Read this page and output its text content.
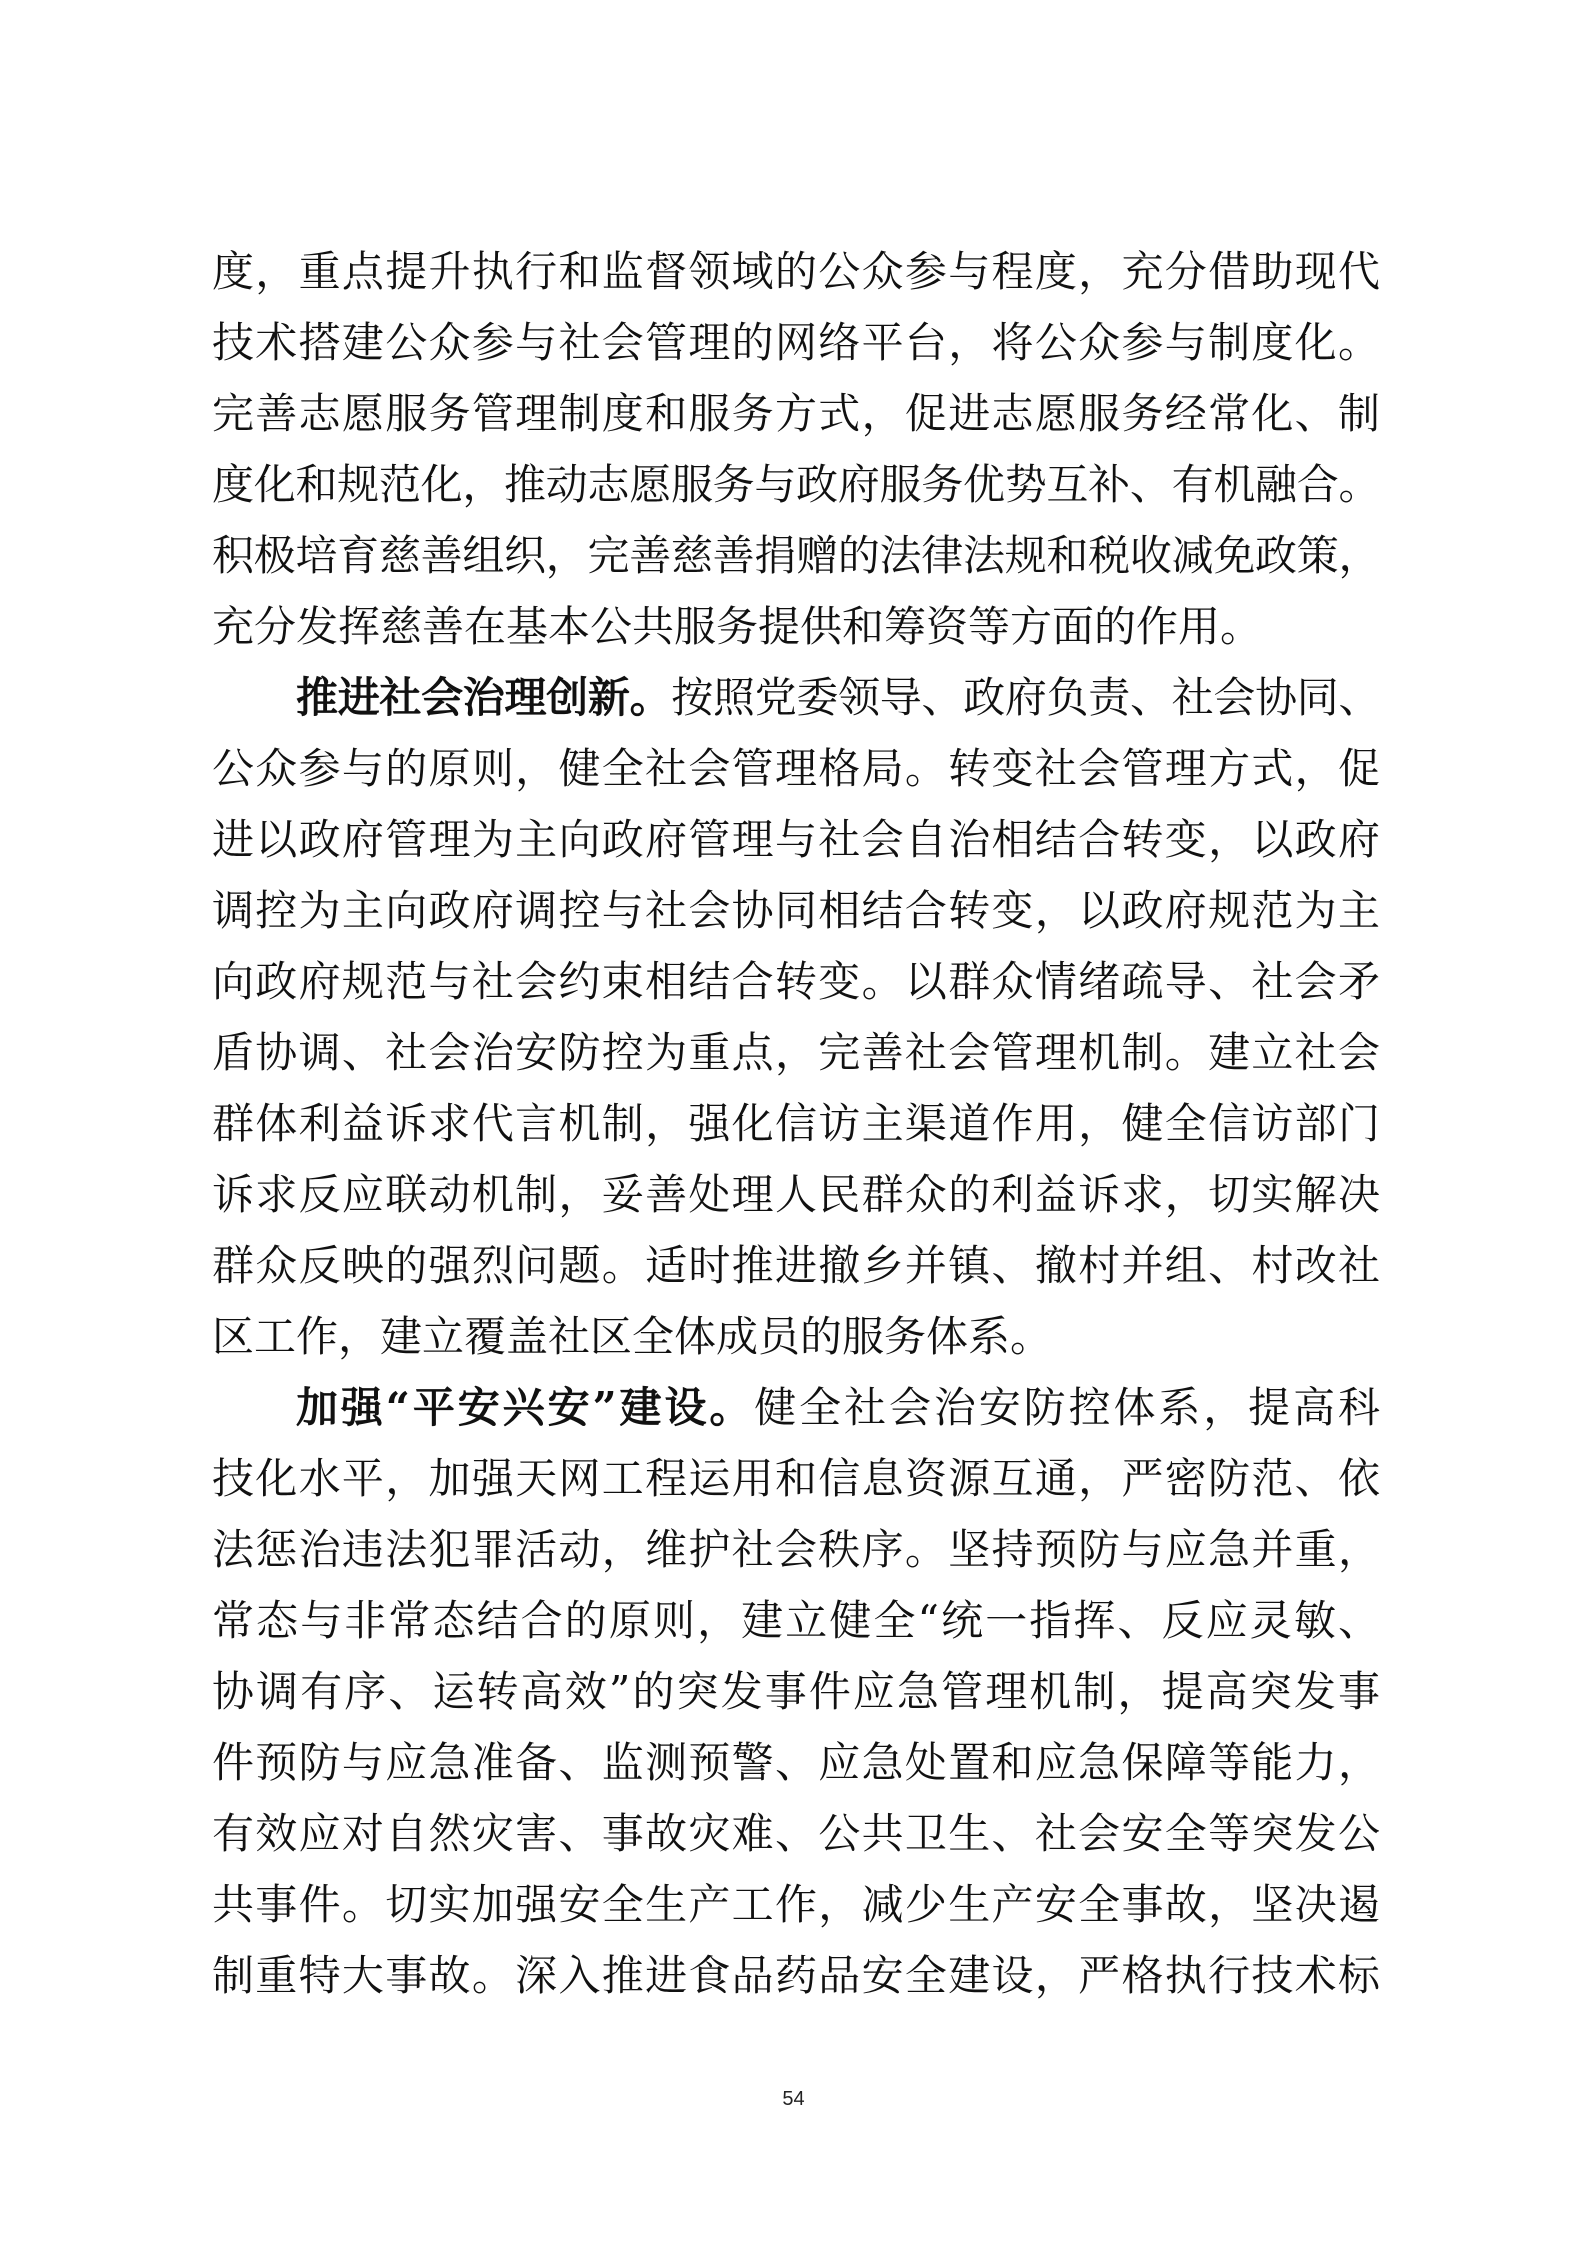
度，重点提升执行和监督领域的公众参与程度，充分借助现代
技术搭建公众参与社会管理的网络平台，将公众参与制度化。
完善志愿服务管理制度和服务方式，促进志愿服务经常化、制
度化和规范化，推动志愿服务与政府服务优势互补、有机融合。
积极培育慈善组织，完善慈善捐赠的法律法规和税收减免政策，
充分发挥慈善在基本公共服务提供和筹资等方面的作用。
推进社会治理创新。按照党委领导、政府负责、社会协同、
公众参与的原则，健全社会管理格局。转变社会管理方式，促
进以政府管理为主向政府管理与社会自治相结合转变，以政府
调控为主向政府调控与社会协同相结合转变，以政府规范为主
向政府规范与社会约束相结合转变。以群众情绪疏导、社会矛
盾协调、社会治安防控为重点，完善社会管理机制。建立社会
群体利益诉求代言机制，强化信访主渠道作用，健全信访部门
诉求反应联动机制，妥善处理人民群众的利益诉求，切实解决
群众反映的强烈问题。适时推进撤乡并镇、撤村并组、村改社
区工作，建立覆盖社区全体成员的服务体系。
加强“平安兴安”建设。健全社会治安防控体系，提高科
技化水平，加强天网工程运用和信息资源互通，严密防范、依
法惩治违法犯罪活动，维护社会秩序。坚持预防与应急并重，
常态与非常态结合的原则，建立健全“统一指挥、反应灵敏、
协调有序、运转高效”的突发事件应急管理机制，提高突发事
件预防与应急准备、监测预警、应急处置和应急保障等能力，
有效应对自然灾害、事故灾难、公共卫生、社会安全等突发公
共事件。切实加强安全生产工作，减少生产安全事故，坚决遏
制重特大事故。深入推进食品药品安全建设，严格执行技术标
54
